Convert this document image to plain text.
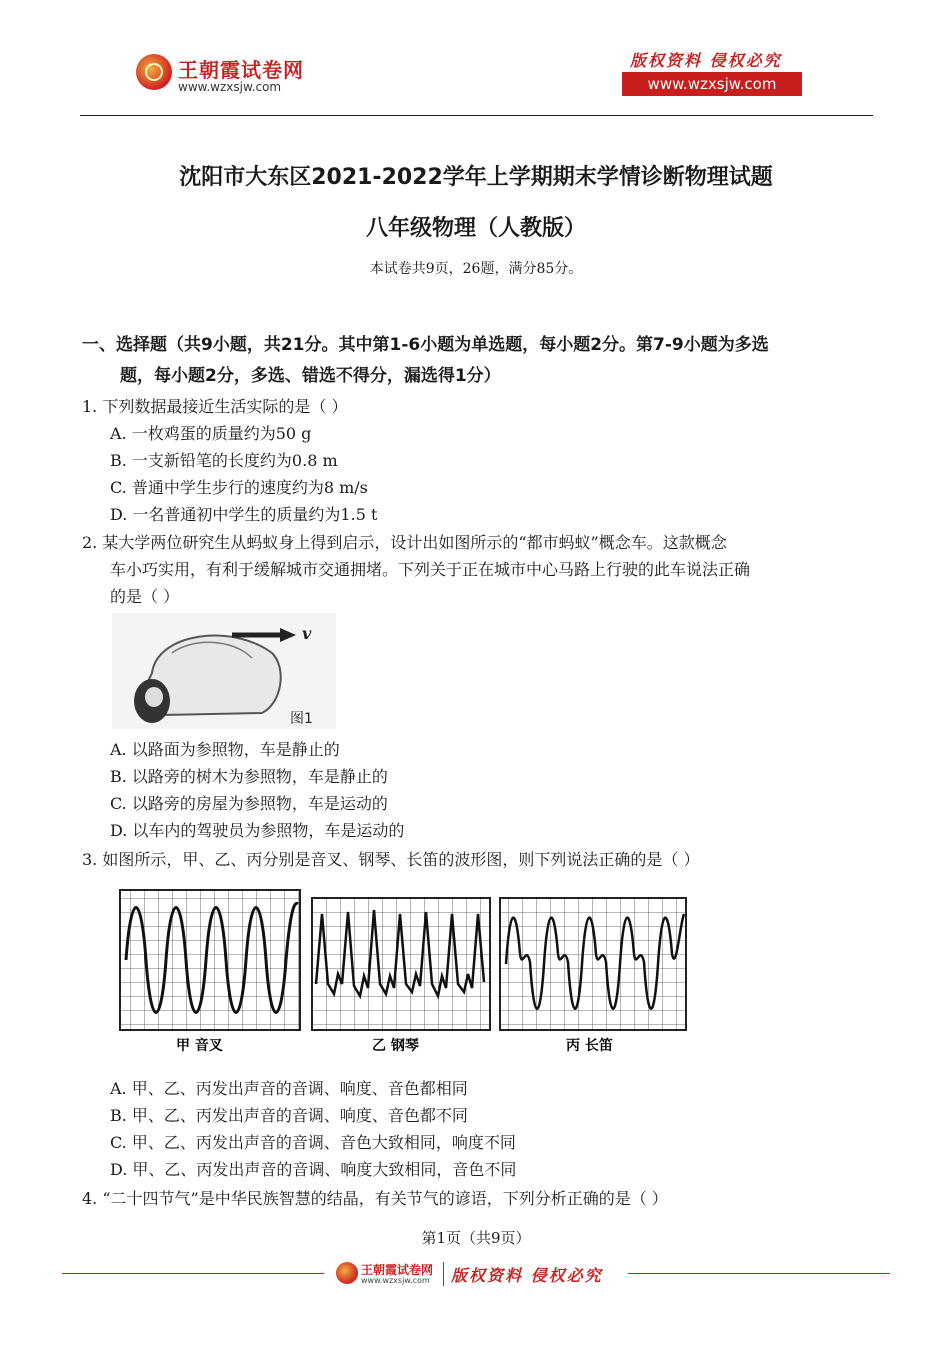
王朝霞试卷网
www.wzxsjw.com
版权资料 侵权必究
www.wzxsjw.com
沈阳市大东区2021-2022学年上学期期末学情诊断物理试题
八年级物理（人教版）
本试卷共9页，26题，满分85分。
一、选择题（共9小题，共21分。其中第1-6小题为单选题，每小题2分。第7-9小题为多选
题，每小题2分，多选、错选不得分，漏选得1分）
1. 下列数据最接近生活实际的是（ ）
A. 一枚鸡蛋的质量约为50 g
B. 一支新铅笔的长度约为0.8 m
C. 普通中学生步行的速度约为8 m/s
D. 一名普通初中学生的质量约为1.5 t
2. 某大学两位研究生从蚂蚁身上得到启示，设计出如图所示的“都市蚂蚁”概念车。这款概念
车小巧实用，有利于缓解城市交通拥堵。下列关于正在城市中心马路上行驶的此车说法正确
的是（ ）
v
图1
A. 以路面为参照物，车是静止的
B. 以路旁的树木为参照物，车是静止的
C. 以路旁的房屋为参照物，车是运动的
D. 以车内的驾驶员为参照物，车是运动的
3. 如图所示，甲、乙、丙分别是音叉、钢琴、长笛的波形图，则下列说法正确的是（ ）
甲 音叉	乙 钢琴	丙 长笛
A. 甲、乙、丙发出声音的音调、响度、音色都相同
B. 甲、乙、丙发出声音的音调、响度、音色都不同
C. 甲、乙、丙发出声音的音调、音色大致相同，响度不同
D. 甲、乙、丙发出声音的音调、响度大致相同，音色不同
4. “二十四节气”是中华民族智慧的结晶，有关节气的谚语，下列分析正确的是（ ）
第1页（共9页）
王朝霞试卷网
www.wzxsjw.com 版权资料 侵权必究
